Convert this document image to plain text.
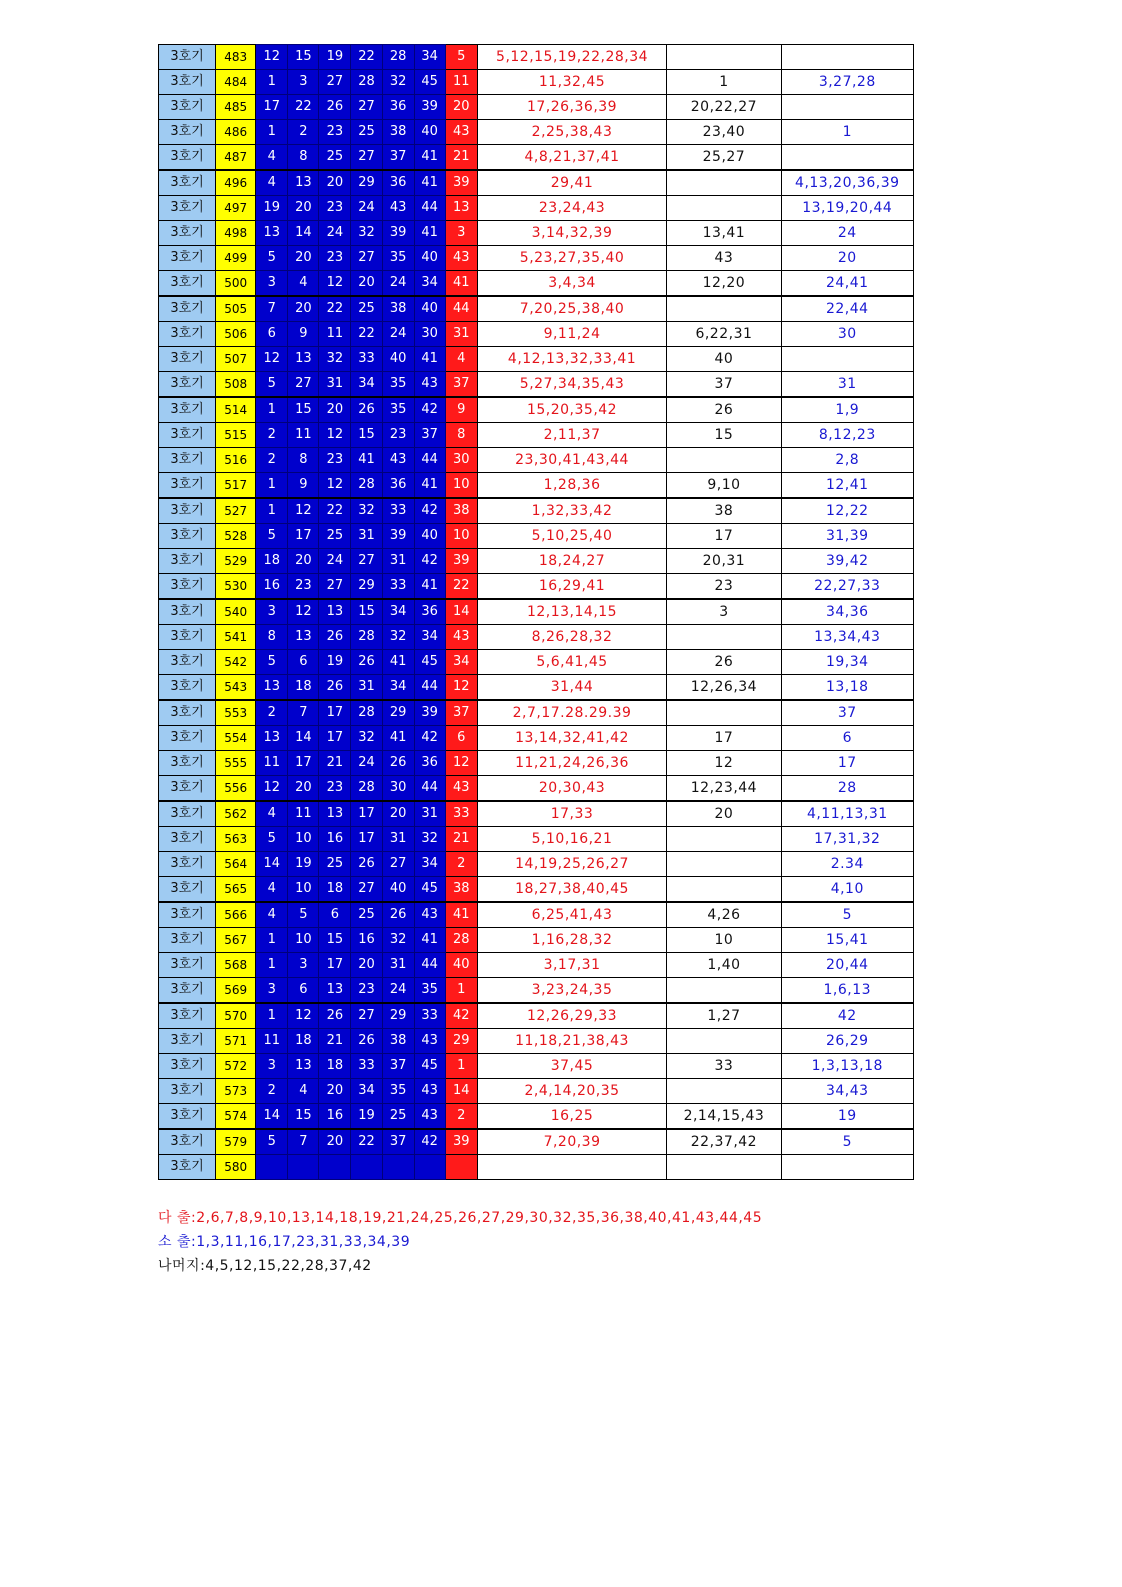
3호기	483	12	15	19	22	28	34	5	5,12,15,19,22,28,34		
3호기	484	1	3	27	28	32	45	11	11,32,45	1	3,27,28
3호기	485	17	22	26	27	36	39	20	17,26,36,39	20,22,27	
3호기	486	1	2	23	25	38	40	43	2,25,38,43	23,40	1
3호기	487	4	8	25	27	37	41	21	4,8,21,37,41	25,27	
3호기	496	4	13	20	29	36	41	39	29,41		4,13,20,36,39
3호기	497	19	20	23	24	43	44	13	23,24,43		13,19,20,44
3호기	498	13	14	24	32	39	41	3	3,14,32,39	13,41	24
3호기	499	5	20	23	27	35	40	43	5,23,27,35,40	43	20
3호기	500	3	4	12	20	24	34	41	3,4,34	12,20	24,41
3호기	505	7	20	22	25	38	40	44	7,20,25,38,40		22,44
3호기	506	6	9	11	22	24	30	31	9,11,24	6,22,31	30
3호기	507	12	13	32	33	40	41	4	4,12,13,32,33,41	40	
3호기	508	5	27	31	34	35	43	37	5,27,34,35,43	37	31
3호기	514	1	15	20	26	35	42	9	15,20,35,42	26	1,9
3호기	515	2	11	12	15	23	37	8	2,11,37	15	8,12,23
3호기	516	2	8	23	41	43	44	30	23,30,41,43,44		2,8
3호기	517	1	9	12	28	36	41	10	1,28,36	9,10	12,41
3호기	527	1	12	22	32	33	42	38	1,32,33,42	38	12,22
3호기	528	5	17	25	31	39	40	10	5,10,25,40	17	31,39
3호기	529	18	20	24	27	31	42	39	18,24,27	20,31	39,42
3호기	530	16	23	27	29	33	41	22	16,29,41	23	22,27,33
3호기	540	3	12	13	15	34	36	14	12,13,14,15	3	34,36
3호기	541	8	13	26	28	32	34	43	8,26,28,32		13,34,43
3호기	542	5	6	19	26	41	45	34	5,6,41,45	26	19,34
3호기	543	13	18	26	31	34	44	12	31,44	12,26,34	13,18
3호기	553	2	7	17	28	29	39	37	2,7,17.28.29.39		37
3호기	554	13	14	17	32	41	42	6	13,14,32,41,42	17	6
3호기	555	11	17	21	24	26	36	12	11,21,24,26,36	12	17
3호기	556	12	20	23	28	30	44	43	20,30,43	12,23,44	28
3호기	562	4	11	13	17	20	31	33	17,33	20	4,11,13,31
3호기	563	5	10	16	17	31	32	21	5,10,16,21		17,31,32
3호기	564	14	19	25	26	27	34	2	14,19,25,26,27		2.34
3호기	565	4	10	18	27	40	45	38	18,27,38,40,45		4,10
3호기	566	4	5	6	25	26	43	41	6,25,41,43	4,26	5
3호기	567	1	10	15	16	32	41	28	1,16,28,32	10	15,41
3호기	568	1	3	17	20	31	44	40	3,17,31	1,40	20,44
3호기	569	3	6	13	23	24	35	1	3,23,24,35		1,6,13
3호기	570	1	12	26	27	29	33	42	12,26,29,33	1,27	42
3호기	571	11	18	21	26	38	43	29	11,18,21,38,43		26,29
3호기	572	3	13	18	33	37	45	1	37,45	33	1,3,13,18
3호기	573	2	4	20	34	35	43	14	2,4,14,20,35		34,43
3호기	574	14	15	16	19	25	43	2	16,25	2,14,15,43	19
3호기	579	5	7	20	22	37	42	39	7,20,39	22,37,42	5
3호기	580										
다 출:2,6,7,8,9,10,13,14,18,19,21,24,25,26,27,29,30,32,35,36,38,40,41,43,44,45
소 출:1,3,11,16,17,23,31,33,34,39
나머지:4,5,12,15,22,28,37,42
